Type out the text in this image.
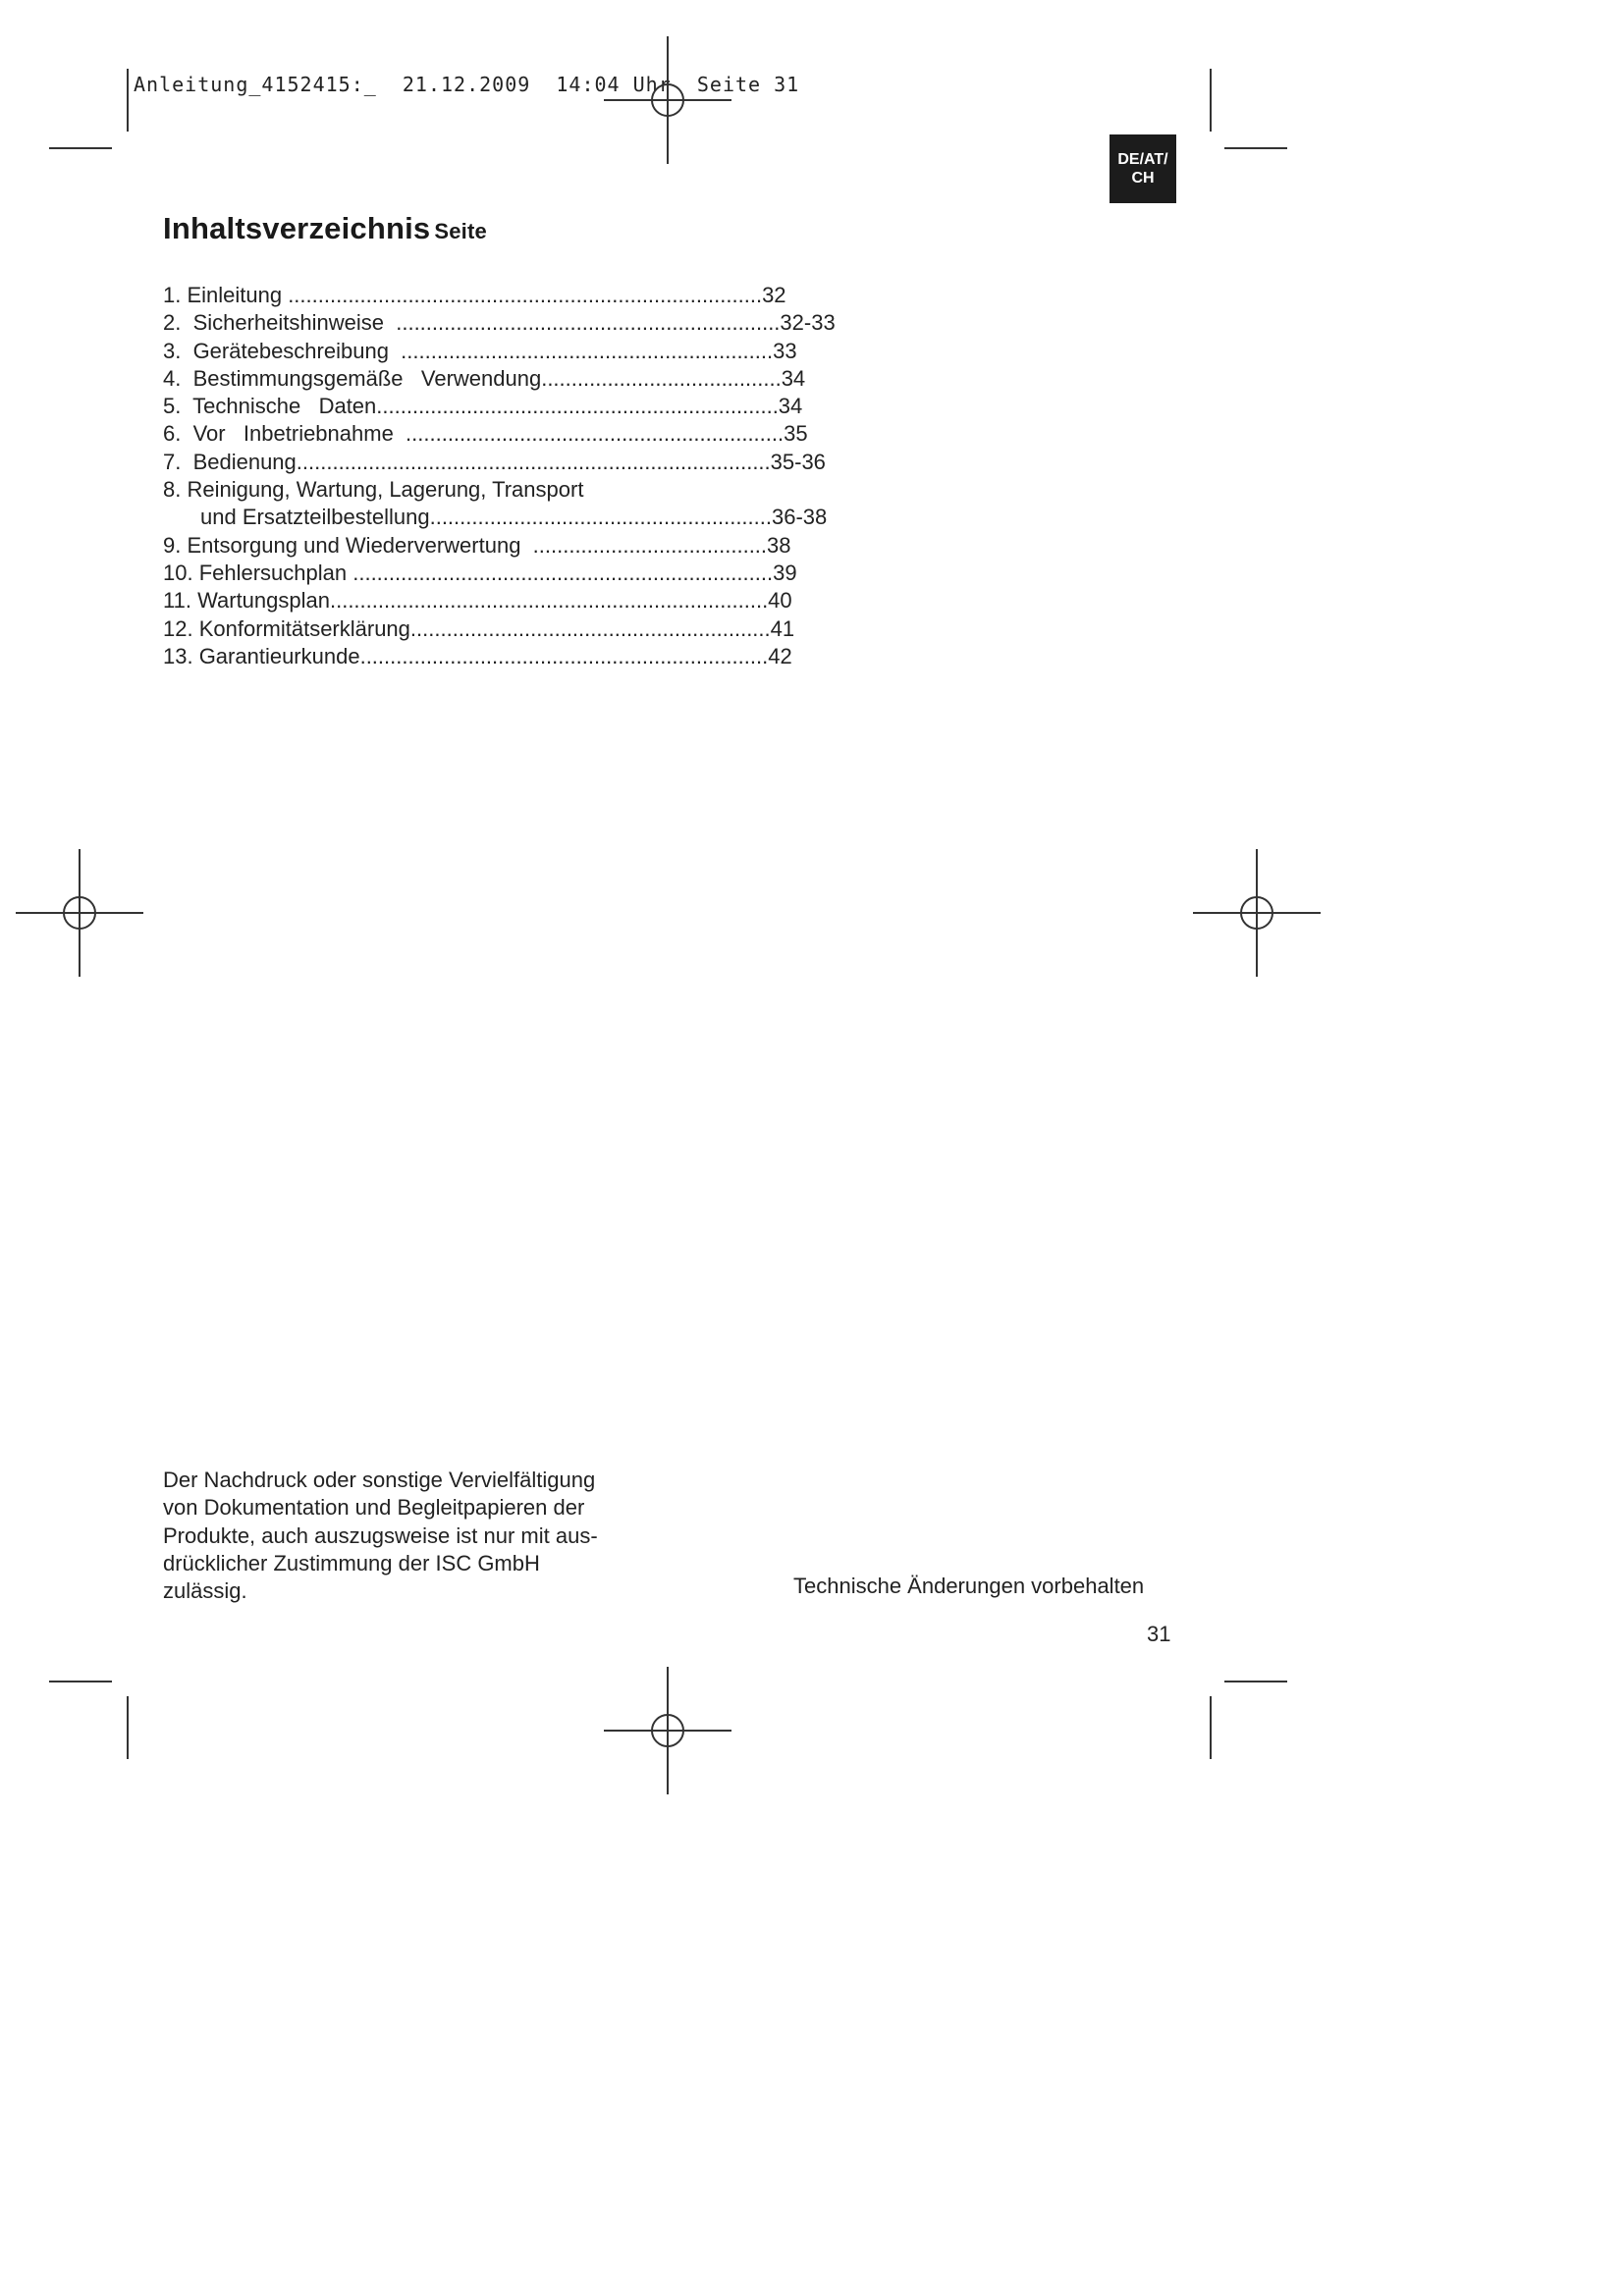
Anleitung_4152415:_ 21.12.2009 14:04 Uhr Seite 31
DE/AT/
CH
Inhaltsverzeichnis Seite
1. Einleitung ...............................................................................32
2.  Sicherheitshinweise  ................................................................32-33
3.  Gerätebeschreibung  ..............................................................33
4.  Bestimmungsgemäße   Verwendung........................................34
5.  Technische   Daten...................................................................34
6.  Vor   Inbetriebnahme  ...............................................................35
7.  Bedienung...............................................................................35-36
8. Reinigung, Wartung, Lagerung, Transport
und Ersatzteilbestellung.........................................................36-38
9. Entsorgung und Wiederverwertung  .......................................38
10. Fehlersuchplan ......................................................................39
11. Wartungsplan.........................................................................40
12. Konformitätserklärung............................................................41
13. Garantieurkunde....................................................................42
Der Nachdruck oder sonstige Vervielfältigung
von Dokumentation und Begleitpapieren der
Produkte, auch auszugsweise ist nur mit aus-
drücklicher Zustimmung der ISC GmbH
zulässig.	Technische Änderungen vorbehalten
31
